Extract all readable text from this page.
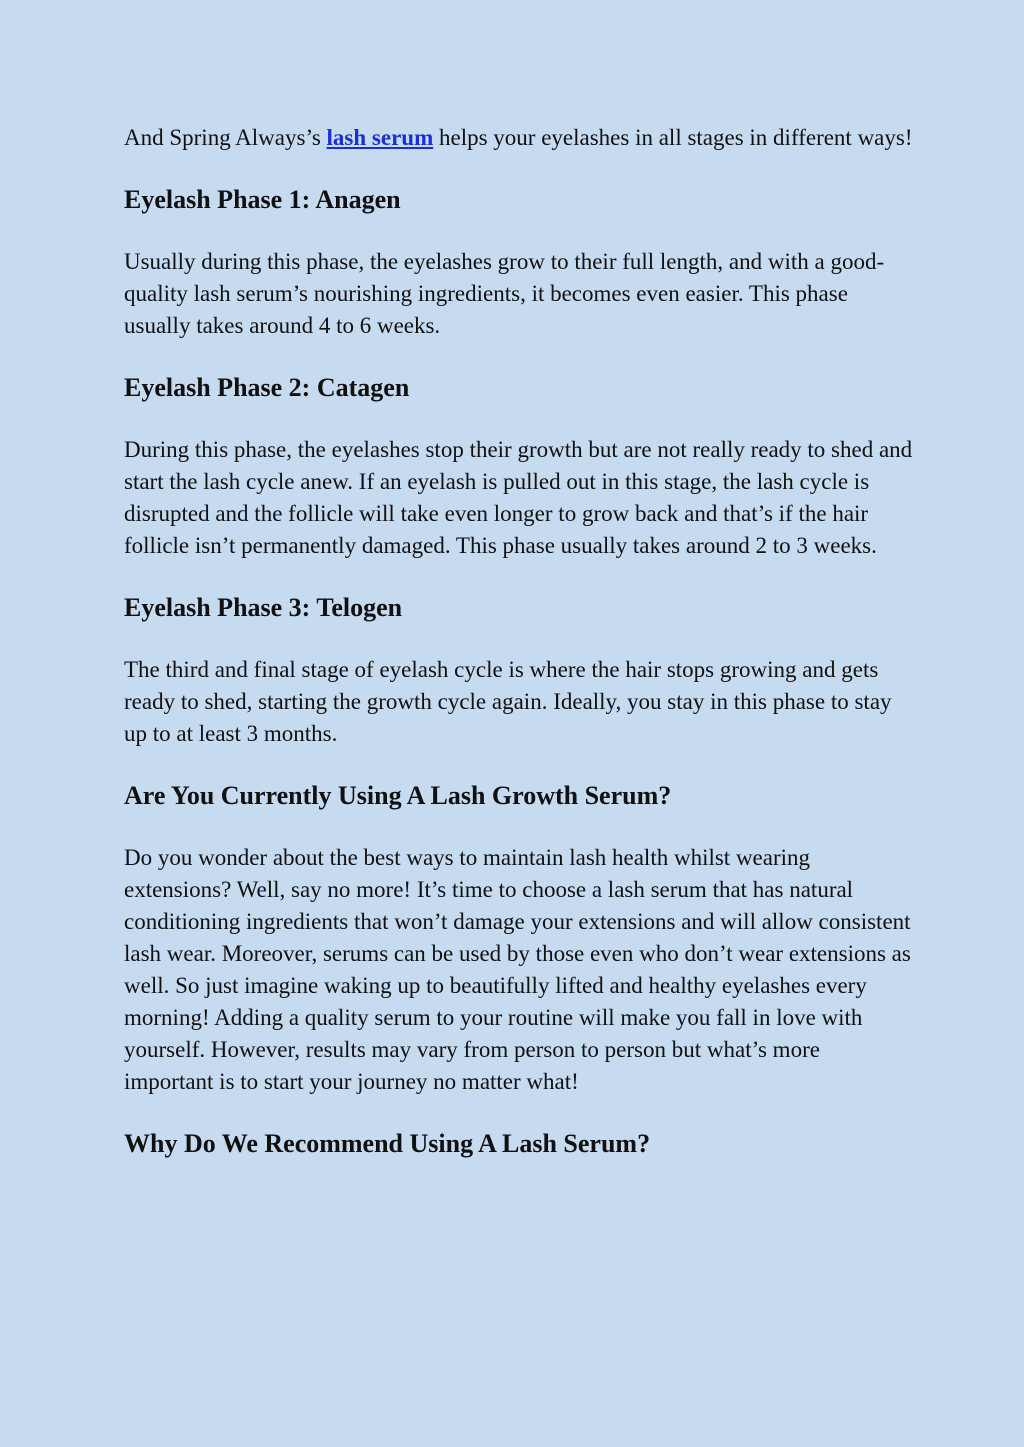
And Spring Always’s lash serum helps your eyelashes in all stages in different ways!

Eyelash Phase 1: Anagen

Usually during this phase, the eyelashes grow to their full length, and with a good-quality lash serum’s nourishing ingredients, it becomes even easier. This phase usually takes around 4 to 6 weeks.

Eyelash Phase 2: Catagen

During this phase, the eyelashes stop their growth but are not really ready to shed and start the lash cycle anew. If an eyelash is pulled out in this stage, the lash cycle is disrupted and the follicle will take even longer to grow back and that’s if the hair follicle isn’t permanently damaged. This phase usually takes around 2 to 3 weeks.

Eyelash Phase 3: Telogen

The third and final stage of eyelash cycle is where the hair stops growing and gets ready to shed, starting the growth cycle again. Ideally, you stay in this phase to stay up to at least 3 months.

Are You Currently Using A Lash Growth Serum?

Do you wonder about the best ways to maintain lash health whilst wearing extensions? Well, say no more! It’s time to choose a lash serum that has natural conditioning ingredients that won’t damage your extensions and will allow consistent lash wear. Moreover, serums can be used by those even who don’t wear extensions as well. So just imagine waking up to beautifully lifted and healthy eyelashes every morning! Adding a quality serum to your routine will make you fall in love with yourself. However, results may vary from person to person but what’s more important is to start your journey no matter what!

Why Do We Recommend Using A Lash Serum?
